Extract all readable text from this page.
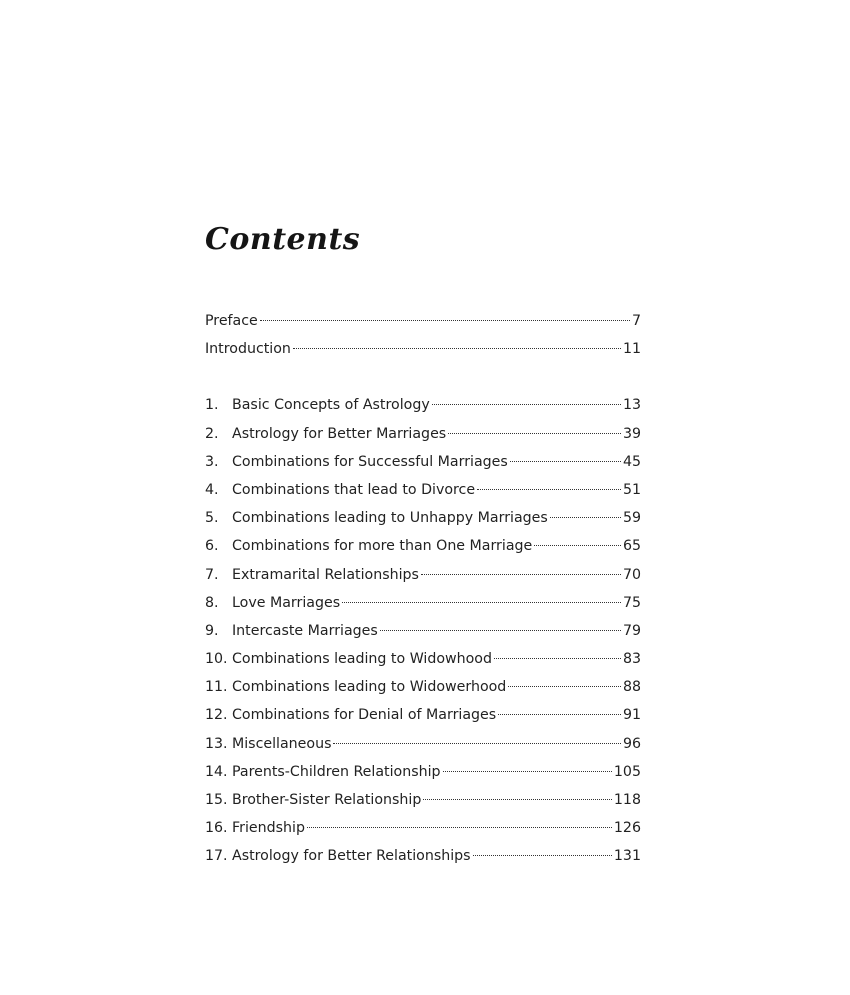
Contents
Preface	7
Introduction	11
1. Basic Concepts of Astrology	13
2. Astrology for Better Marriages	39
3. Combinations for Successful Marriages	45
4. Combinations that lead to Divorce	51
5. Combinations leading to Unhappy Marriages	59
6. Combinations for more than One Marriage	65
7. Extramarital Relationships	70
8. Love Marriages	75
9. Intercaste Marriages	79
10. Combinations leading to Widowhood	83
11. Combinations leading to Widowerhood	88
12. Combinations for Denial of Marriages	91
13. Miscellaneous	96
14. Parents-Children Relationship	105
15. Brother-Sister Relationship	118
16. Friendship	126
17. Astrology for Better Relationships	131
